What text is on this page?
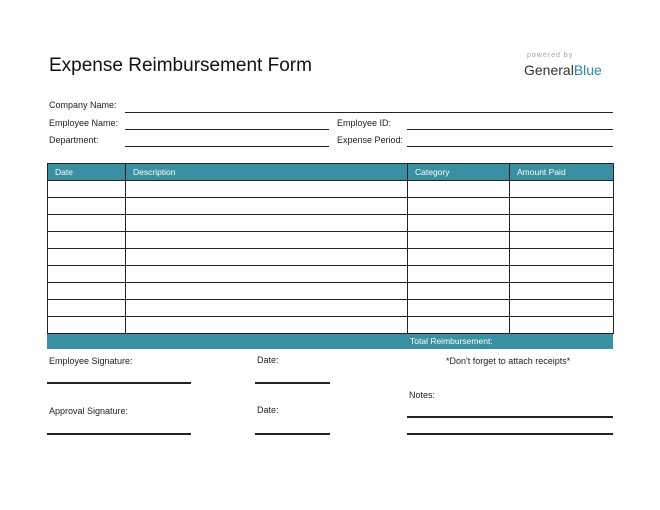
Expense Reimbursement Form	powered by
GeneralBlue
Company Name:
Employee Name:	Employee ID:
Department:	Expense Period:
Date	Description	Category	Amount Paid

Total Reimbursement:
Employee Signature:	Date:	*Don't forget to attach receipts*
Notes:
Approval Signature:	Date:
